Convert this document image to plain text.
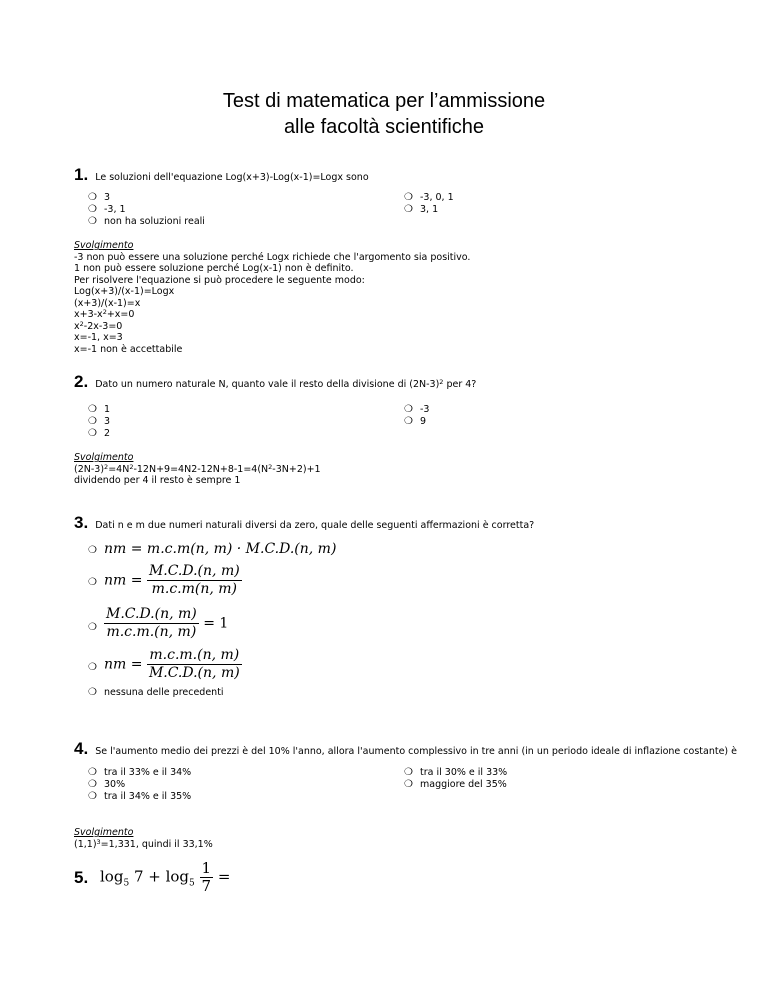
Test di matematica per l’ammissione
alle facoltà scientifiche
1. Le soluzioni dell'equazione Log(x+3)-Log(x-1)=Logx sono
❍ 3
❍ -3, 1
❍ non ha soluzioni reali
❍ -3, 0, 1
❍ 3, 1
Svolgimento
-3 non può essere una soluzione perché Logx richiede che l'argomento sia positivo.
1 non può essere soluzione perché Log(x-1) non è definito.
Per risolvere l'equazione si può procedere le seguente modo:
Log(x+3)/(x-1)=Logx
(x+3)/(x-1)=x
$x+3-x^2+x=0$
$x^2-2x-3=0$
x=-1, x=3
x=-1 non è accettabile
2. Dato un numero naturale N, quanto vale il resto della divisione di $(2N-3)^2$ per 4?
❍ 1
❍ 3
❍ 2
❍ -3
❍ 9
Svolgimento
$(2N-3)^2=4N^2-12N+9=4N2-12N+8-1=4(N^2-3N+2)+1$
dividendo per 4 il resto è sempre 1
3. Dati n e m due numeri naturali diversi da zero, quale delle seguenti affermazioni è corretta?
❍ nm = m.c.m(n, m) · M.C.D.(n, m)
❍ nm = $\frac{M.C.D.(n, m)}{m.c.m(n, m)}$
❍ $\frac{M.C.D.(n, m)}{m.c.m.(n, m)} = 1$
❍ nm = $\frac{m.c.m.(n, m)}{M.C.D.(n, m)}$
❍ nessuna delle precedenti
4. Se l'aumento medio dei prezzi è del 10% l'anno, allora l'aumento complessivo in tre anni (in un periodo ideale di inflazione costante) è
❍ tra il 33% e il 34%
❍ 30%
❍ tra il 34% e il 35%
❍ tra il 30% e il 33%
❍ maggiore del 35%
Svolgimento
$(1,1)^3=1,331$, quindi il 33,1%
5. $\log_5 7 + \log_5 \frac{1}{7}$ =
